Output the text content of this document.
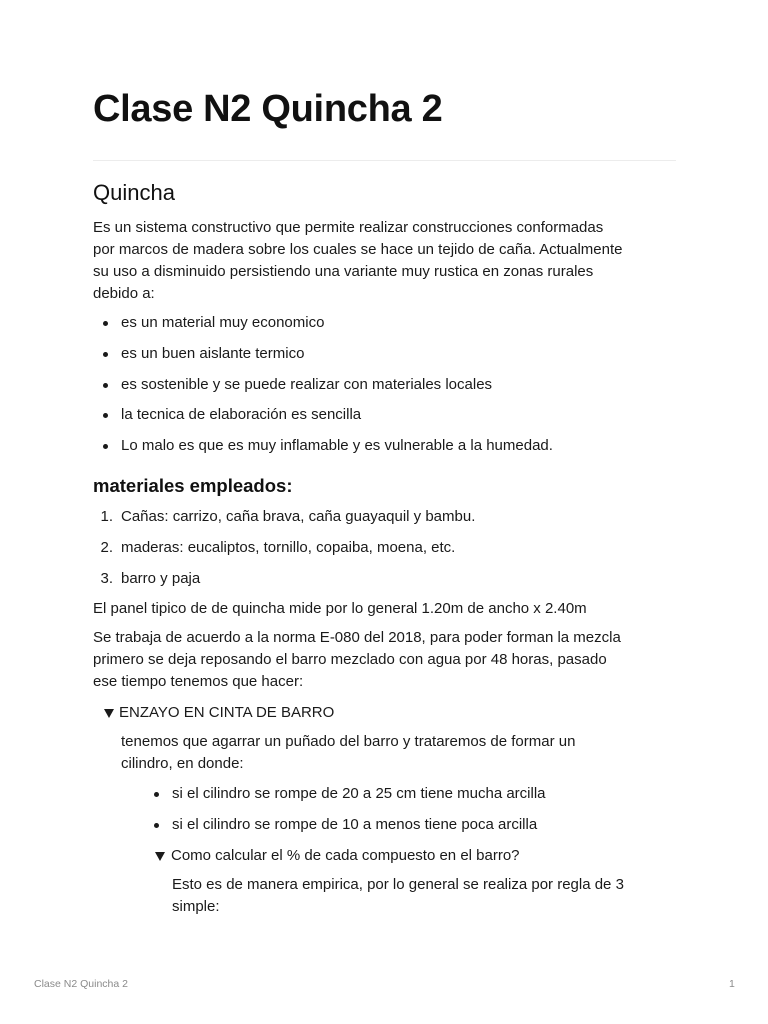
Clase N2 Quincha 2
Quincha
Es un sistema constructivo que permite realizar construcciones conformadas
por marcos de madera sobre los cuales se hace un tejido de caña. Actualmente
su uso a disminuido persistiendo una variante muy rustica en zonas rurales
debido a:
es un material muy economico
es un buen aislante termico
es sostenible y se puede realizar con materiales locales
la tecnica de elaboración es sencilla
Lo malo es que es muy inflamable y es vulnerable a la humedad.
materiales empleados:
1. Cañas: carrizo, caña brava, caña guayaquil y bambu.
2. maderas: eucaliptos, tornillo, copaiba, moena, etc.
3. barro y paja
El panel tipico de de quincha mide por lo general 1.20m de ancho x 2.40m
Se trabaja de acuerdo a la norma E-080 del 2018, para poder forman la mezcla
primero se deja reposando el barro mezclado con agua por 48 horas, pasado
ese tiempo tenemos que hacer:
ENZAYO EN CINTA DE BARRO
tenemos que agarrar un puñado del barro y trataremos de formar un
cilindro, en donde:
si el cilindro se rompe de 20 a 25 cm tiene mucha arcilla
si el cilindro se rompe de 10 a menos tiene poca arcilla
Como calcular el % de cada compuesto en el barro?
Esto es de manera empirica, por lo general se realiza por regla de 3
simple:
Clase N2 Quincha 2	1
